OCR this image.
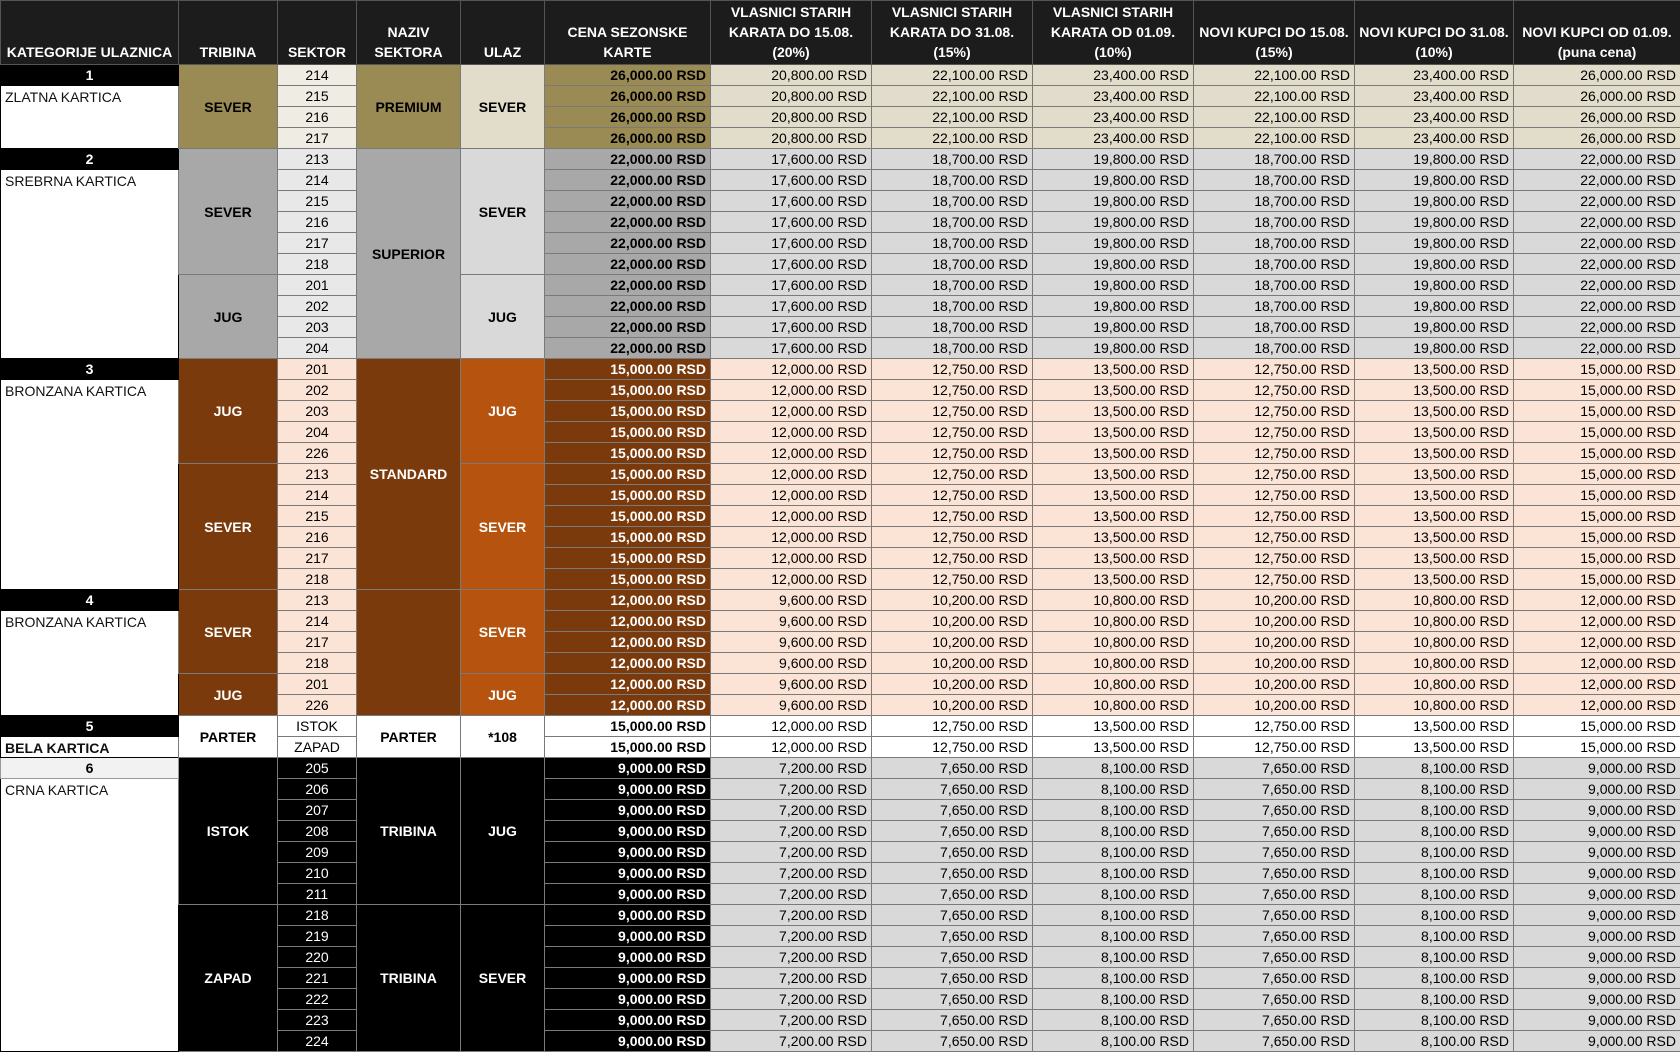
KATEGORIJE ULAZNICA	TRIBINA	SEKTOR	NAZIV SEKTORA	ULAZ	CENA SEZONSKE KARTE	VLASNICI STARIH KARATA DO 15.08. (20%)	VLASNICI STARIH KARATA DO 31.08. (15%)	VLASNICI STARIH KARATA OD 01.09. (10%)	NOVI KUPCI DO 15.08. (15%)	NOVI KUPCI DO 31.08. (10%)	NOVI KUPCI OD 01.09. (puna cena)
1	SEVER	214	PREMIUM	SEVER	26,000.00 RSD	20,800.00 RSD	22,100.00 RSD	23,400.00 RSD	22,100.00 RSD	23,400.00 RSD	26,000.00 RSD
ZLATNA KARTICA		215			26,000.00 RSD	20,800.00 RSD	22,100.00 RSD	23,400.00 RSD	22,100.00 RSD	23,400.00 RSD	26,000.00 RSD
		216			26,000.00 RSD	20,800.00 RSD	22,100.00 RSD	23,400.00 RSD	22,100.00 RSD	23,400.00 RSD	26,000.00 RSD
		217			26,000.00 RSD	20,800.00 RSD	22,100.00 RSD	23,400.00 RSD	22,100.00 RSD	23,400.00 RSD	26,000.00 RSD
2	SEVER	213	SUPERIOR	SEVER	22,000.00 RSD	17,600.00 RSD	18,700.00 RSD	19,800.00 RSD	18,700.00 RSD	19,800.00 RSD	22,000.00 RSD
SREBRNA KARTICA		214			22,000.00 RSD	17,600.00 RSD	18,700.00 RSD	19,800.00 RSD	18,700.00 RSD	19,800.00 RSD	22,000.00 RSD
		215			22,000.00 RSD	17,600.00 RSD	18,700.00 RSD	19,800.00 RSD	18,700.00 RSD	19,800.00 RSD	22,000.00 RSD
		216			22,000.00 RSD	17,600.00 RSD	18,700.00 RSD	19,800.00 RSD	18,700.00 RSD	19,800.00 RSD	22,000.00 RSD
		217			22,000.00 RSD	17,600.00 RSD	18,700.00 RSD	19,800.00 RSD	18,700.00 RSD	19,800.00 RSD	22,000.00 RSD
		218			22,000.00 RSD	17,600.00 RSD	18,700.00 RSD	19,800.00 RSD	18,700.00 RSD	19,800.00 RSD	22,000.00 RSD
	JUG	201		JUG	22,000.00 RSD	17,600.00 RSD	18,700.00 RSD	19,800.00 RSD	18,700.00 RSD	19,800.00 RSD	22,000.00 RSD
		202			22,000.00 RSD	17,600.00 RSD	18,700.00 RSD	19,800.00 RSD	18,700.00 RSD	19,800.00 RSD	22,000.00 RSD
		203			22,000.00 RSD	17,600.00 RSD	18,700.00 RSD	19,800.00 RSD	18,700.00 RSD	19,800.00 RSD	22,000.00 RSD
		204			22,000.00 RSD	17,600.00 RSD	18,700.00 RSD	19,800.00 RSD	18,700.00 RSD	19,800.00 RSD	22,000.00 RSD
3	JUG	201	STANDARD	JUG	15,000.00 RSD	12,000.00 RSD	12,750.00 RSD	13,500.00 RSD	12,750.00 RSD	13,500.00 RSD	15,000.00 RSD
BRONZANA KARTICA		202			15,000.00 RSD	12,000.00 RSD	12,750.00 RSD	13,500.00 RSD	12,750.00 RSD	13,500.00 RSD	15,000.00 RSD
		203			15,000.00 RSD	12,000.00 RSD	12,750.00 RSD	13,500.00 RSD	12,750.00 RSD	13,500.00 RSD	15,000.00 RSD
		204			15,000.00 RSD	12,000.00 RSD	12,750.00 RSD	13,500.00 RSD	12,750.00 RSD	13,500.00 RSD	15,000.00 RSD
		226			15,000.00 RSD	12,000.00 RSD	12,750.00 RSD	13,500.00 RSD	12,750.00 RSD	13,500.00 RSD	15,000.00 RSD
	SEVER	213		SEVER	15,000.00 RSD	12,000.00 RSD	12,750.00 RSD	13,500.00 RSD	12,750.00 RSD	13,500.00 RSD	15,000.00 RSD
		214			15,000.00 RSD	12,000.00 RSD	12,750.00 RSD	13,500.00 RSD	12,750.00 RSD	13,500.00 RSD	15,000.00 RSD
		215			15,000.00 RSD	12,000.00 RSD	12,750.00 RSD	13,500.00 RSD	12,750.00 RSD	13,500.00 RSD	15,000.00 RSD
		216			15,000.00 RSD	12,000.00 RSD	12,750.00 RSD	13,500.00 RSD	12,750.00 RSD	13,500.00 RSD	15,000.00 RSD
		217			15,000.00 RSD	12,000.00 RSD	12,750.00 RSD	13,500.00 RSD	12,750.00 RSD	13,500.00 RSD	15,000.00 RSD
		218			15,000.00 RSD	12,000.00 RSD	12,750.00 RSD	13,500.00 RSD	12,750.00 RSD	13,500.00 RSD	15,000.00 RSD
4	SEVER	213		SEVER	12,000.00 RSD	9,600.00 RSD	10,200.00 RSD	10,800.00 RSD	10,200.00 RSD	10,800.00 RSD	12,000.00 RSD
BRONZANA KARTICA		214			12,000.00 RSD	9,600.00 RSD	10,200.00 RSD	10,800.00 RSD	10,200.00 RSD	10,800.00 RSD	12,000.00 RSD
		217			12,000.00 RSD	9,600.00 RSD	10,200.00 RSD	10,800.00 RSD	10,200.00 RSD	10,800.00 RSD	12,000.00 RSD
		218			12,000.00 RSD	9,600.00 RSD	10,200.00 RSD	10,800.00 RSD	10,200.00 RSD	10,800.00 RSD	12,000.00 RSD
	JUG	201		JUG	12,000.00 RSD	9,600.00 RSD	10,200.00 RSD	10,800.00 RSD	10,200.00 RSD	10,800.00 RSD	12,000.00 RSD
		226			12,000.00 RSD	9,600.00 RSD	10,200.00 RSD	10,800.00 RSD	10,200.00 RSD	10,800.00 RSD	12,000.00 RSD
5	PARTER	ISTOK	PARTER	*108	15,000.00 RSD	12,000.00 RSD	12,750.00 RSD	13,500.00 RSD	12,750.00 RSD	13,500.00 RSD	15,000.00 RSD
BELA KARTICA		ZAPAD			15,000.00 RSD	12,000.00 RSD	12,750.00 RSD	13,500.00 RSD	12,750.00 RSD	13,500.00 RSD	15,000.00 RSD
6	ISTOK	205	TRIBINA	JUG	9,000.00 RSD	7,200.00 RSD	7,650.00 RSD	8,100.00 RSD	7,650.00 RSD	8,100.00 RSD	9,000.00 RSD
CRNA KARTICA		206			9,000.00 RSD	7,200.00 RSD	7,650.00 RSD	8,100.00 RSD	7,650.00 RSD	8,100.00 RSD	9,000.00 RSD
		207			9,000.00 RSD	7,200.00 RSD	7,650.00 RSD	8,100.00 RSD	7,650.00 RSD	8,100.00 RSD	9,000.00 RSD
		208			9,000.00 RSD	7,200.00 RSD	7,650.00 RSD	8,100.00 RSD	7,650.00 RSD	8,100.00 RSD	9,000.00 RSD
		209			9,000.00 RSD	7,200.00 RSD	7,650.00 RSD	8,100.00 RSD	7,650.00 RSD	8,100.00 RSD	9,000.00 RSD
		210			9,000.00 RSD	7,200.00 RSD	7,650.00 RSD	8,100.00 RSD	7,650.00 RSD	8,100.00 RSD	9,000.00 RSD
		211			9,000.00 RSD	7,200.00 RSD	7,650.00 RSD	8,100.00 RSD	7,650.00 RSD	8,100.00 RSD	9,000.00 RSD
	ZAPAD	218	TRIBINA	SEVER	9,000.00 RSD	7,200.00 RSD	7,650.00 RSD	8,100.00 RSD	7,650.00 RSD	8,100.00 RSD	9,000.00 RSD
		219			9,000.00 RSD	7,200.00 RSD	7,650.00 RSD	8,100.00 RSD	7,650.00 RSD	8,100.00 RSD	9,000.00 RSD
		220			9,000.00 RSD	7,200.00 RSD	7,650.00 RSD	8,100.00 RSD	7,650.00 RSD	8,100.00 RSD	9,000.00 RSD
		221			9,000.00 RSD	7,200.00 RSD	7,650.00 RSD	8,100.00 RSD	7,650.00 RSD	8,100.00 RSD	9,000.00 RSD
		222			9,000.00 RSD	7,200.00 RSD	7,650.00 RSD	8,100.00 RSD	7,650.00 RSD	8,100.00 RSD	9,000.00 RSD
		223			9,000.00 RSD	7,200.00 RSD	7,650.00 RSD	8,100.00 RSD	7,650.00 RSD	8,100.00 RSD	9,000.00 RSD
		224			9,000.00 RSD	7,200.00 RSD	7,650.00 RSD	8,100.00 RSD	7,650.00 RSD	8,100.00 RSD	9,000.00 RSD
